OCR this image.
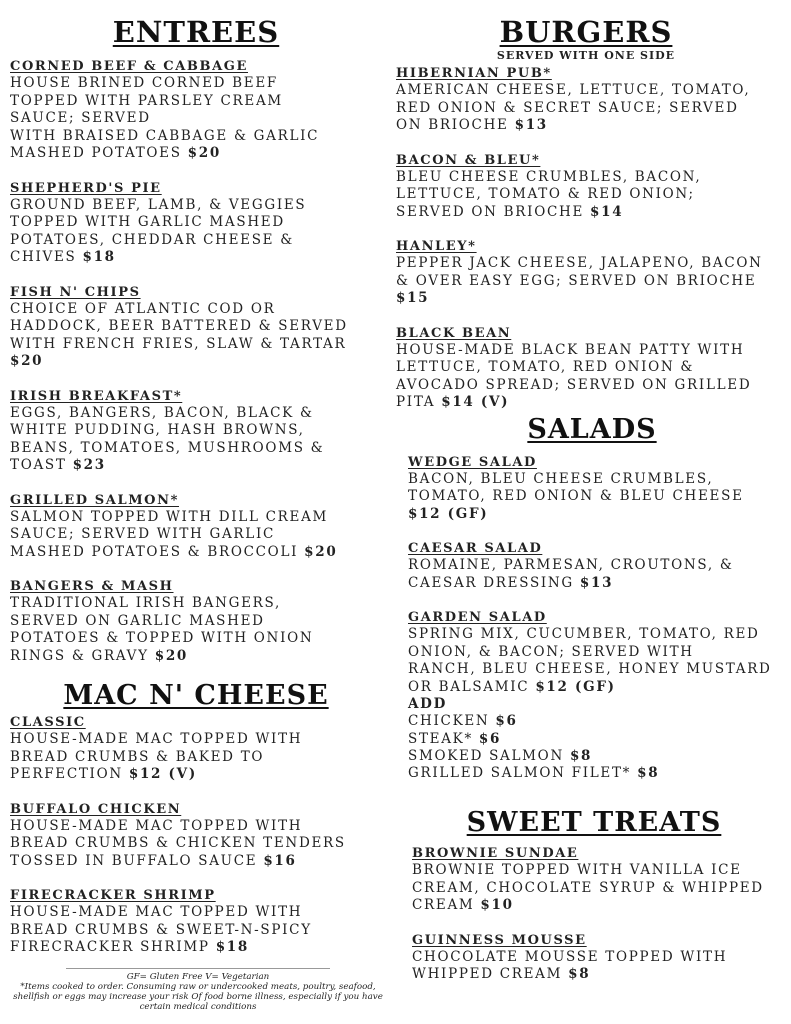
ENTREES
CORNED BEEF & CABBAGE
HOUSE BRINED CORNED BEEF
TOPPED WITH PARSLEY CREAM
SAUCE; SERVED
WITH BRAISED CABBAGE & GARLIC
MASHED POTATOES $20
SHEPHERD'S PIE
GROUND BEEF, LAMB, & VEGGIES
TOPPED WITH GARLIC MASHED
POTATOES, CHEDDAR CHEESE &
CHIVES $18
FISH N' CHIPS
CHOICE OF ATLANTIC COD OR
HADDOCK, BEER BATTERED & SERVED
WITH FRENCH FRIES, SLAW & TARTAR
$20
IRISH BREAKFAST*
EGGS, BANGERS, BACON, BLACK &
WHITE PUDDING, HASH BROWNS,
BEANS, TOMATOES, MUSHROOMS &
TOAST $23
GRILLED SALMON*
SALMON TOPPED WITH DILL CREAM
SAUCE; SERVED WITH GARLIC
MASHED POTATOES & BROCCOLI $20
BANGERS & MASH
TRADITIONAL IRISH BANGERS,
SERVED ON GARLIC MASHED
POTATOES & TOPPED WITH ONION
RINGS & GRAVY $20
MAC N' CHEESE
CLASSIC
HOUSE-MADE MAC TOPPED WITH
BREAD CRUMBS & BAKED TO
PERFECTION $12 (V)
BUFFALO CHICKEN
HOUSE-MADE MAC TOPPED WITH
BREAD CRUMBS & CHICKEN TENDERS
TOSSED IN BUFFALO SAUCE $16
FIRECRACKER SHRIMP
HOUSE-MADE MAC TOPPED WITH
BREAD CRUMBS & SWEET-N-SPICY
FIRECRACKER SHRIMP $18
GF= Gluten Free V= Vegetarian
*Items cooked to order. Consuming raw or undercooked meats, poultry, seafood,
shellfish or eggs may increase your risk Of food borne illness, especially if you have
certain medical conditions
BURGERS
SERVED WITH ONE SIDE
HIBERNIAN PUB*
AMERICAN CHEESE, LETTUCE, TOMATO,
RED ONION & SECRET SAUCE; SERVED
ON BRIOCHE $13
BACON & BLEU*
BLEU CHEESE CRUMBLES, BACON,
LETTUCE, TOMATO & RED ONION;
SERVED ON BRIOCHE $14
HANLEY*
PEPPER JACK CHEESE, JALAPENO, BACON
& OVER EASY EGG; SERVED ON BRIOCHE
$15
BLACK BEAN
HOUSE-MADE BLACK BEAN PATTY WITH
LETTUCE, TOMATO, RED ONION &
AVOCADO SPREAD; SERVED ON GRILLED
PITA $14 (V)
SALADS
WEDGE SALAD
BACON, BLEU CHEESE CRUMBLES,
TOMATO, RED ONION & BLEU CHEESE
$12 (GF)
CAESAR SALAD
ROMAINE, PARMESAN, CROUTONS, &
CAESAR DRESSING $13
GARDEN SALAD
SPRING MIX, CUCUMBER, TOMATO, RED
ONION, & BACON; SERVED WITH
RANCH, BLEU CHEESE, HONEY MUSTARD
OR BALSAMIC $12 (GF)
ADD
CHICKEN $6
STEAK* $6
SMOKED SALMON $8
GRILLED SALMON FILET* $8
SWEET TREATS
BROWNIE SUNDAE
BROWNIE TOPPED WITH VANILLA ICE
CREAM, CHOCOLATE SYRUP & WHIPPED
CREAM $10
GUINNESS MOUSSE
CHOCOLATE MOUSSE TOPPED WITH
WHIPPED CREAM $8
